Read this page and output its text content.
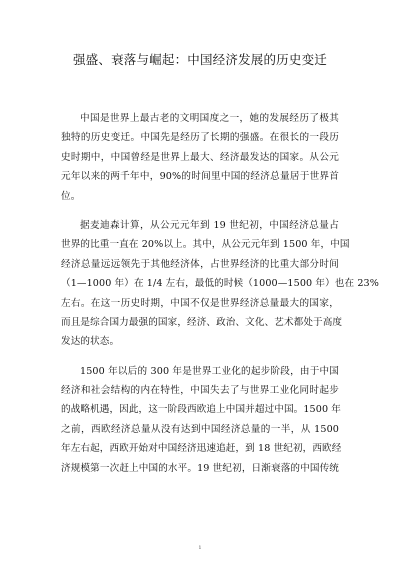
强盛、衰落与崛起：中国经济发展的历史变迁
中国是世界上最古老的文明国度之一，她的发展经历了极其
独特的历史变迁。中国先是经历了长期的强盛。在很长的一段历
史时期中，中国曾经是世界上最大、经济最发达的国家。从公元
元年以来的两千年中，90%的时间里中国的经济总量居于世界首
位。
据麦迪森计算，从公元元年到 19 世纪初，中国经济总量占
世界的比重一直在 20%以上。其中，从公元元年到 1500 年，中国
经济总量远远领先于其他经济体，占世界经济的比重大部分时间
（1—1000 年）在 1/4 左右，最低的时候（1000—1500 年）也在 23%
左右。在这一历史时期，中国不仅是世界经济总量最大的国家，
而且是综合国力最强的国家，经济、政治、文化、艺术都处于高度
发达的状态。
1500 年以后的 300 年是世界工业化的起步阶段，由于中国
经济和社会结构的内在特性，中国失去了与世界工业化同时起步
的战略机遇，因此，这一阶段西欧追上中国并超过中国。1500 年
之前，西欧经济总量从没有达到中国经济总量的一半，从 1500
年左右起，西欧开始对中国经济迅速追赶，到 18 世纪初，西欧经
济规模第一次赶上中国的水平。19 世纪初，日渐衰落的中国传统
1
